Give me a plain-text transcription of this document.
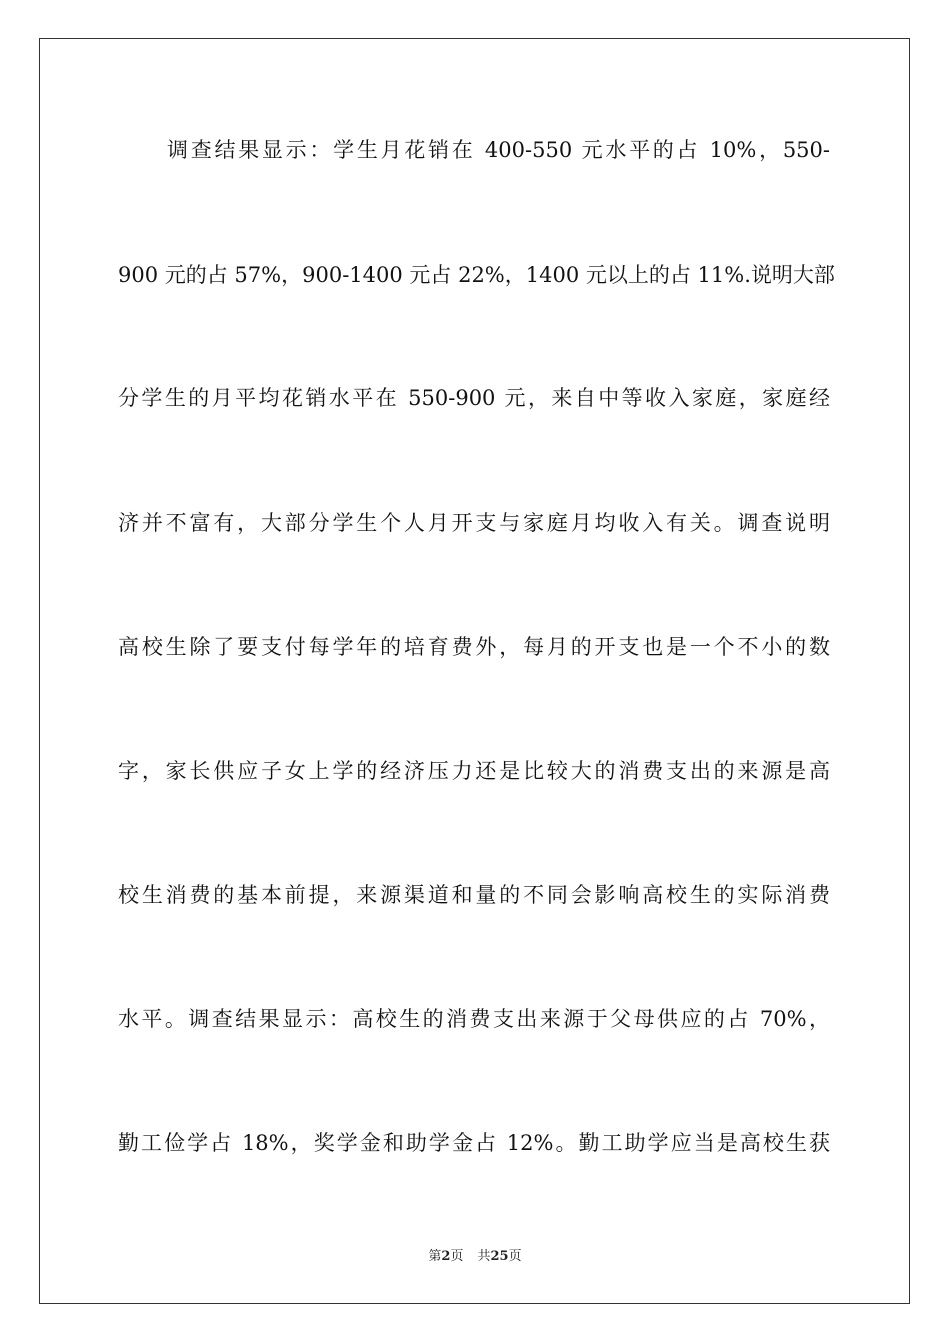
调查结果显示：学生月花销在 400-550 元水平的占 10%，550-
900 元的占 57%，900-1400 元占 22%，1400 元以上的占 11%.说明大部
分学生的月平均花销水平在 550-900 元，来自中等收入家庭，家庭经
济并不富有，大部分学生个人月开支与家庭月均收入有关。调查说明
高校生除了要支付每学年的培育费外，每月的开支也是一个不小的数
字，家长供应子女上学的经济压力还是比较大的消费支出的来源是高
校生消费的基本前提，来源渠道和量的不同会影响高校生的实际消费
水平。调查结果显示：高校生的消费支出来源于父母供应的占 70%，
勤工俭学占 18%，奖学金和助学金占 12%。勤工助学应当是高校生获
第2页 共25页
